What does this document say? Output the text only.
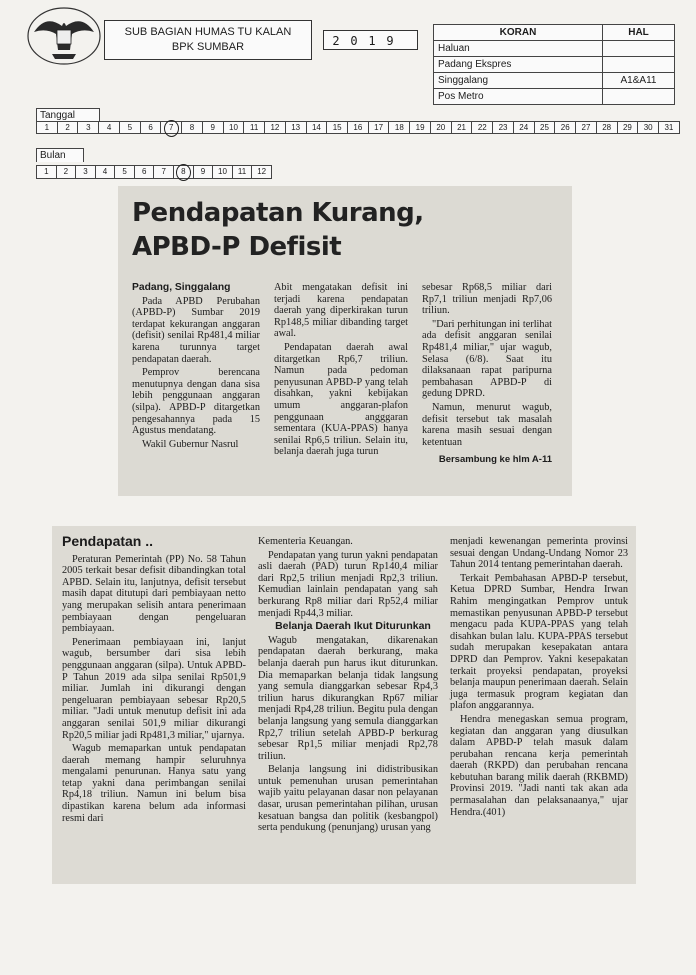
SUB BAGIAN HUMAS TU KALAN
BPK SUMBAR	2 0 1 9
KORAN	HAL
Haluan	
Padang Ekspres	
Singgalang	A1&A11
Pos Metro	
Tanggal
1	2	3	4	5	6	7	8	9	10	11	12	13	14	15	16	17	18	19	20	21	22	23	24	25	26	27	28	29	30	31
Bulan
1	2	3	4	5	6	7	8	9	10	11	12
Pendapatan Kurang,
APBD-P Defisit

Padang, Singgalang

Pada APBD Perubahan (APBD-P) Sumbar 2019 terdapat kekurangan anggaran (defisit) senilai Rp481,4 miliar karena turunnya target pendapatan daerah.

Pemprov berencana menutupnya dengan dana sisa lebih penggunaan anggaran (silpa). APBD-P ditargetkan pengesahannya pada 15 Agustus mendatang.

Wakil Gubernur Nasrul

Abit mengatakan defisit ini terjadi karena pendapatan daerah yang diperkirakan turun Rp148,5 miliar dibanding target awal.

Pendapatan daerah awal ditargetkan Rp6,7 triliun. Namun pada pedoman penyusunan APBD-P yang telah disahkan, yakni kebijakan umum anggaran-plafon penggunaan angggaran sementara (KUA-PPAS) hanya senilai Rp6,5 triliun. Selain itu, belanja daerah juga turun

sebesar Rp68,5 miliar dari Rp7,1 triliun menjadi Rp7,06 triliun.

"Dari perhitungan ini terlihat ada defisit anggaran senilai Rp481,4 miliar," ujar wagub, Selasa (6/8). Saat itu dilaksanaan rapat paripurna pembahasan APBD-P di gedung DPRD.

Namun, menurut wagub, defisit tersebut tak masalah karena masih sesuai dengan ketentuan

Bersambung ke hlm A-11

Pendapatan ..

Peraturan Pemerintah (PP) No. 58 Tahun 2005 terkait besar defisit dibandingkan total APBD. Selain itu, lanjutnya, defisit tersebut masih dapat ditutupi dari pembiayaan netto yang merupakan selisih antara penerimaan pembiayaan dengan pengeluaran pembiayaan.

Penerimaan pembiayaan ini, lanjut wagub, bersumber dari sisa lebih penggunaan anggaran (silpa). Untuk APBD-P Tahun 2019 ada silpa senilai Rp501,9 miliar. Jumlah ini dikurangi dengan pengeluaran pembiayaan sebesar Rp20,5 miliar. "Jadi untuk menutup defisit ini ada anggaran senilai 501,9 miliar dikurangi Rp20,5 miliar jadi Rp481,3 miliar," ujarnya.

Wagub memaparkan untuk pendapatan daerah memang hampir seluruhnya mengalami penurunan. Hanya satu yang tetap yakni dana perimbangan senilai Rp4,18 triliun. Namun ini belum bisa dipastikan karena belum ada informasi resmi dari

Kementeria Keuangan.

Pendapatan yang turun yakni pendapatan asli daerah (PAD) turun Rp140,4 miliar dari Rp2,5 triliun menjadi Rp2,3 triliun. Kemudian lainlain pendapatan yang sah berkurang Rp8 miliar dari Rp52,4 miliar menjadi Rp44,3 miliar.

Belanja Daerah Ikut Diturunkan

Wagub mengatakan, dikarenakan pendapatan daerah berkurang, maka belanja daerah pun harus ikut diturunkan. Dia memaparkan belanja tidak langsung yang semula dianggarkan sebesar Rp4,3 triliun harus dikurangkan Rp67 miliar menjadi Rp4,28 triliun. Begitu pula dengan belanja langsung yang semula dianggarkan Rp2,7 triliun setelah APBD-P berkurag sebesar Rp1,5 miliar menjadi Rp2,78 triliun.

Belanja langsung ini didistribusikan untuk pemenuhan urusan pemerintahan wajib yaitu pelayanan dasar non pelayanan dasar, urusan pemerintahan pilihan, urusan kesatuan bangsa dan politik (kesbangpol) serta pendukung (penunjang) urusan yang

menjadi kewenangan pemerinta provinsi sesuai dengan Undang-Undang Nomor 23 Tahun 2014 tentang pemerintahan daerah.

Terkait Pembahasan APBD-P tersebut, Ketua DPRD Sumbar, Hendra Irwan Rahim mengingatkan Pemprov untuk memastikan penyusunan APBD-P tersebut mengacu pada KUPA-PPAS yang telah disahkan bulan lalu. KUPA-PPAS tersebut sudah merupakan kesepakatan antara DPRD dan Pemprov. Yakni kesepakatan terkait proyeksi pendapatan, proyeksi belanja maupun penerimaan daerah. Selain juga termasuk program kegiatan dan plafon anggarannya.

Hendra menegaskan semua program, kegiatan dan anggaran yang diusulkan dalam APBD-P telah masuk dalam perubahan rencana kerja pemerintah daerah (RKPD) dan perubahan rencana kebutuhan barang milik daerah (RKBMD) Provinsi 2019. "Jadi nanti tak akan ada permasalahan dan pelaksanaanya," ujar Hendra.(401)
